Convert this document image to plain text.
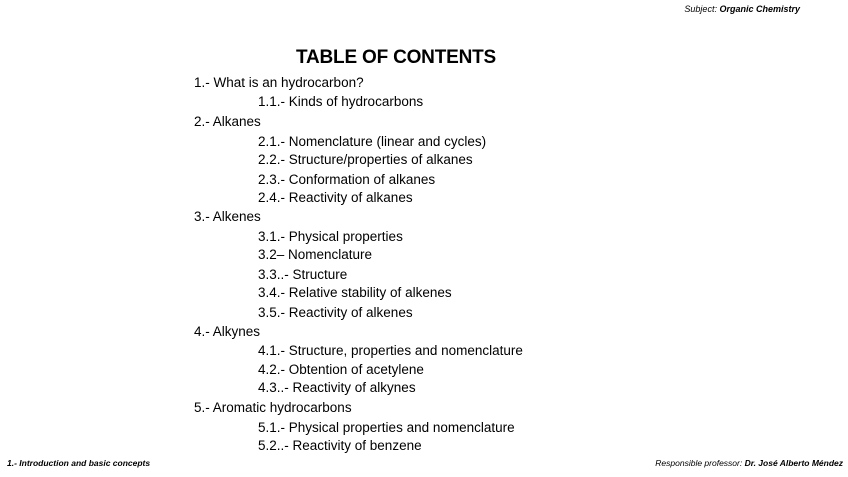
Subject: Organic Chemistry
TABLE OF CONTENTS
1.- What is an hydrocarbon?
1.1.- Kinds of hydrocarbons
2.- Alkanes
2.1.- Nomenclature (linear and cycles)
2.2.- Structure/properties of alkanes
2.3.- Conformation of alkanes
2.4.- Reactivity of alkanes
3.- Alkenes
3.1.- Physical properties
3.2– Nomenclature
3.3..- Structure
3.4.- Relative stability of alkenes
3.5.- Reactivity of alkenes
4.- Alkynes
4.1.- Structure, properties and nomenclature
4.2.- Obtention of acetylene
4.3..- Reactivity of alkynes
5.- Aromatic hydrocarbons
5.1.- Physical properties and nomenclature
5.2..- Reactivity of benzene
1.- Introduction and basic concepts	Responsible professor: Dr. José Alberto Méndez
